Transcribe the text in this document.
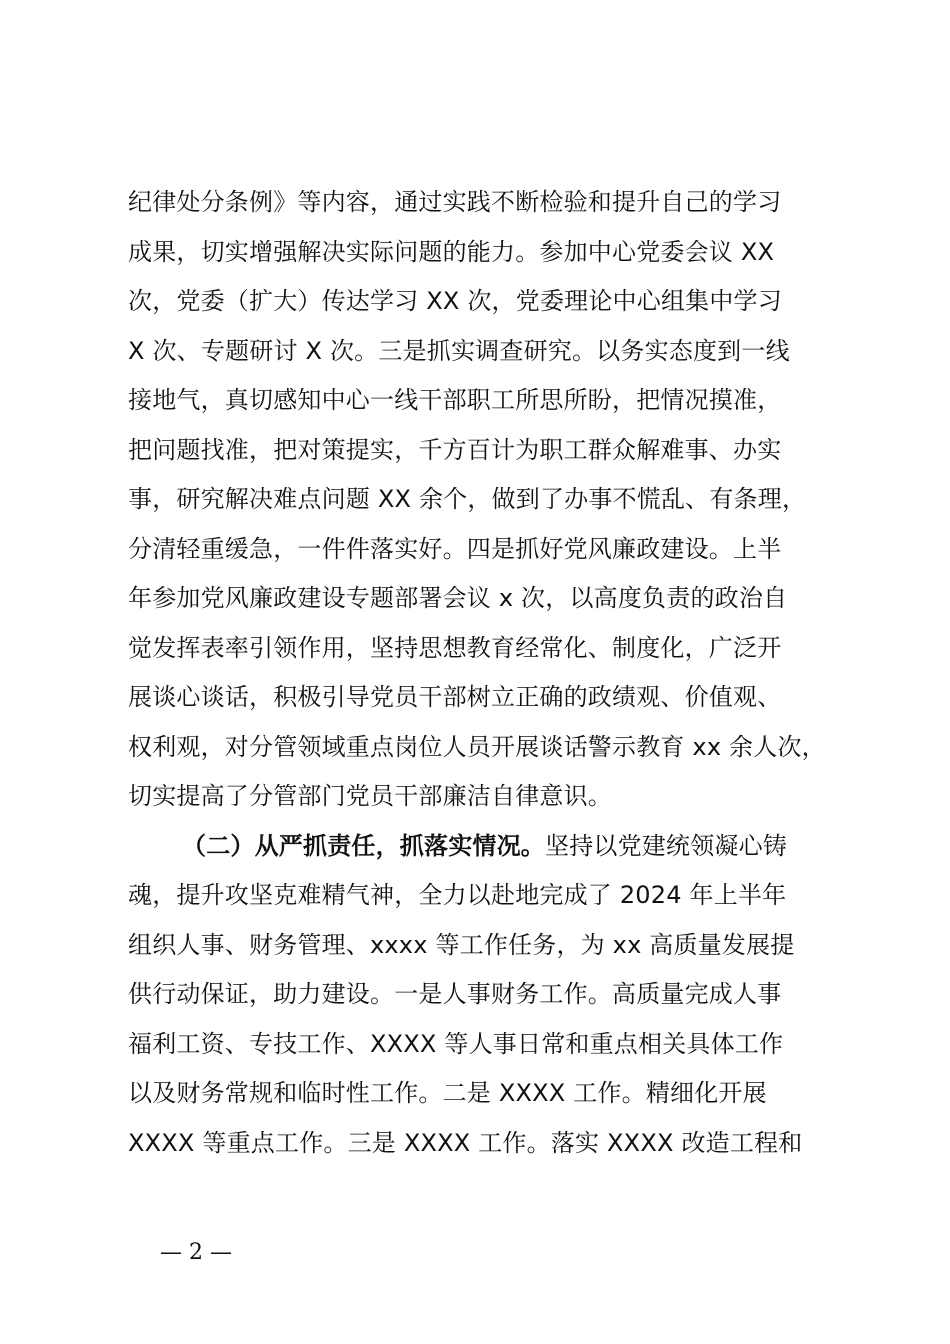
纪律处分条例》等内容，通过实践不断检验和提升自己的学习
成果，切实增强解决实际问题的能力。参加中心党委会议 XX
次，党委（扩大）传达学习 XX 次，党委理论中心组集中学习
X 次、专题研讨 X 次。三是抓实调查研究。以务实态度到一线
接地气，真切感知中心一线干部职工所思所盼，把情况摸准，
把问题找准，把对策提实，千方百计为职工群众解难事、办实
事，研究解决难点问题 XX 余个，做到了办事不慌乱、有条理，
分清轻重缓急，一件件落实好。四是抓好党风廉政建设。上半
年参加党风廉政建设专题部署会议 x 次，以高度负责的政治自
觉发挥表率引领作用，坚持思想教育经常化、制度化，广泛开
展谈心谈话，积极引导党员干部树立正确的政绩观、价值观、
权利观，对分管领域重点岗位人员开展谈话警示教育 xx 余人次，
切实提高了分管部门党员干部廉洁自律意识。
（二）从严抓责任，抓落实情况。坚持以党建统领凝心铸
魂，提升攻坚克难精气神，全力以赴地完成了 2024 年上半年
组织人事、财务管理、xxxx 等工作任务，为 xx 高质量发展提
供行动保证，助力建设。一是人事财务工作。高质量完成人事
福利工资、专技工作、XXXX 等人事日常和重点相关具体工作
以及财务常规和临时性工作。二是 XXXX 工作。精细化开展
XXXX 等重点工作。三是 XXXX 工作。落实 XXXX 改造工程和
— 2 —
